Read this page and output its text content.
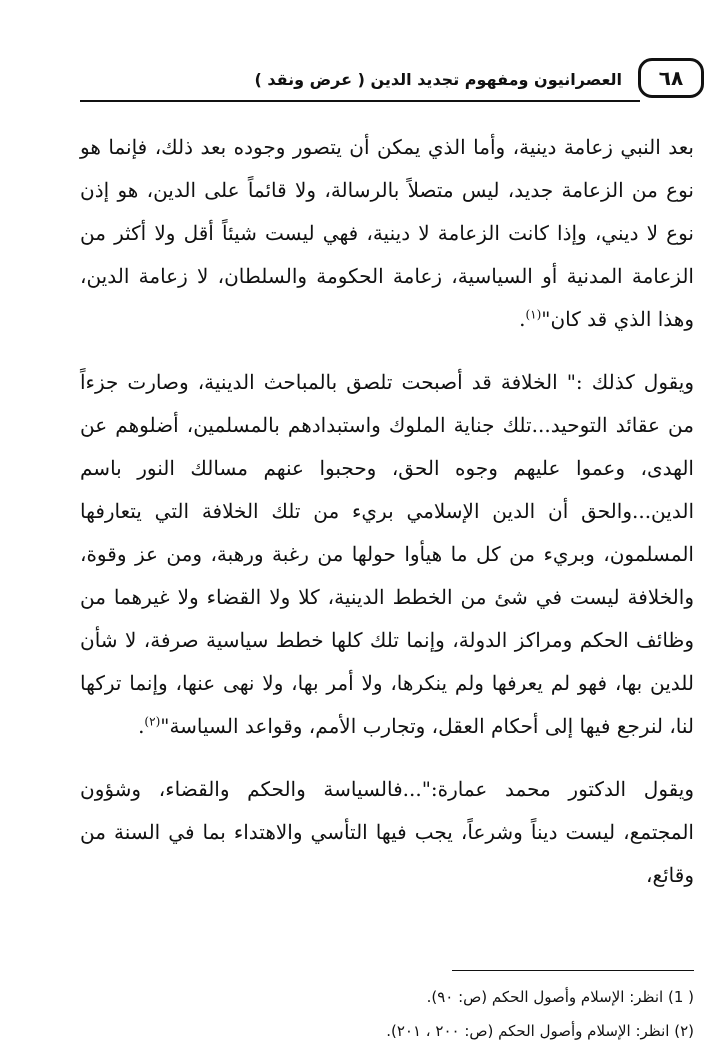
٦٨
العصرانيون ومفهوم تجديد الدين ( عرض ونقد )

بعد النبي زعامة دينية، وأما الذي يمكن أن يتصور وجوده بعد ذلك، فإنما هو نوع من الزعامة جديد، ليس متصلاً بالرسالة، ولا قائماً على الدين، هو إذن نوع لا ديني، وإذا كانت الزعامة لا دينية، فهي ليست شيئاً أقل ولا أكثر من الزعامة المدنية أو السياسية، زعامة الحكومة والسلطان، لا زعامة الدين، وهذا الذي قد كان"$^{(١)}$.

ويقول كذلك :" الخلافة قد أصبحت تلصق بالمباحث الدينية، وصارت جزءاً من عقائد التوحيد...تلك جناية الملوك واستبدادهم بالمسلمين، أضلوهم عن الهدى، وعموا عليهم وجوه الحق، وحجبوا عنهم مسالك النور باسم الدين...والحق أن الدين الإسلامي بريء من تلك الخلافة التي يتعارفها المسلمون، وبريء من كل ما هيأوا حولها من رغبة ورهبة، ومن عز وقوة، والخلافة ليست في شئ من الخطط الدينية، كلا ولا القضاء ولا غيرهما من وظائف الحكم ومراكز الدولة، وإنما تلك كلها خطط سياسية صرفة، لا شأن للدين بها، فهو لم يعرفها ولم ينكرها، ولا أمر بها، ولا نهى عنها، وإنما تركها لنا، لنرجع فيها إلى أحكام العقل، وتجارب الأمم، وقواعد السياسة"$^{(٢)}$.

ويقول الدكتور محمد عمارة:"...فالسياسة والحكم والقضاء، وشؤون المجتمع، ليست ديناً وشرعاً، يجب فيها التأسي والاهتداء بما في السنة من وقائع،

( 1) انظر: الإسلام وأصول الحكم (ص: ٩٠).
(٢) انظر: الإسلام وأصول الحكم (ص: ٢٠٠ ، ٢٠١).
